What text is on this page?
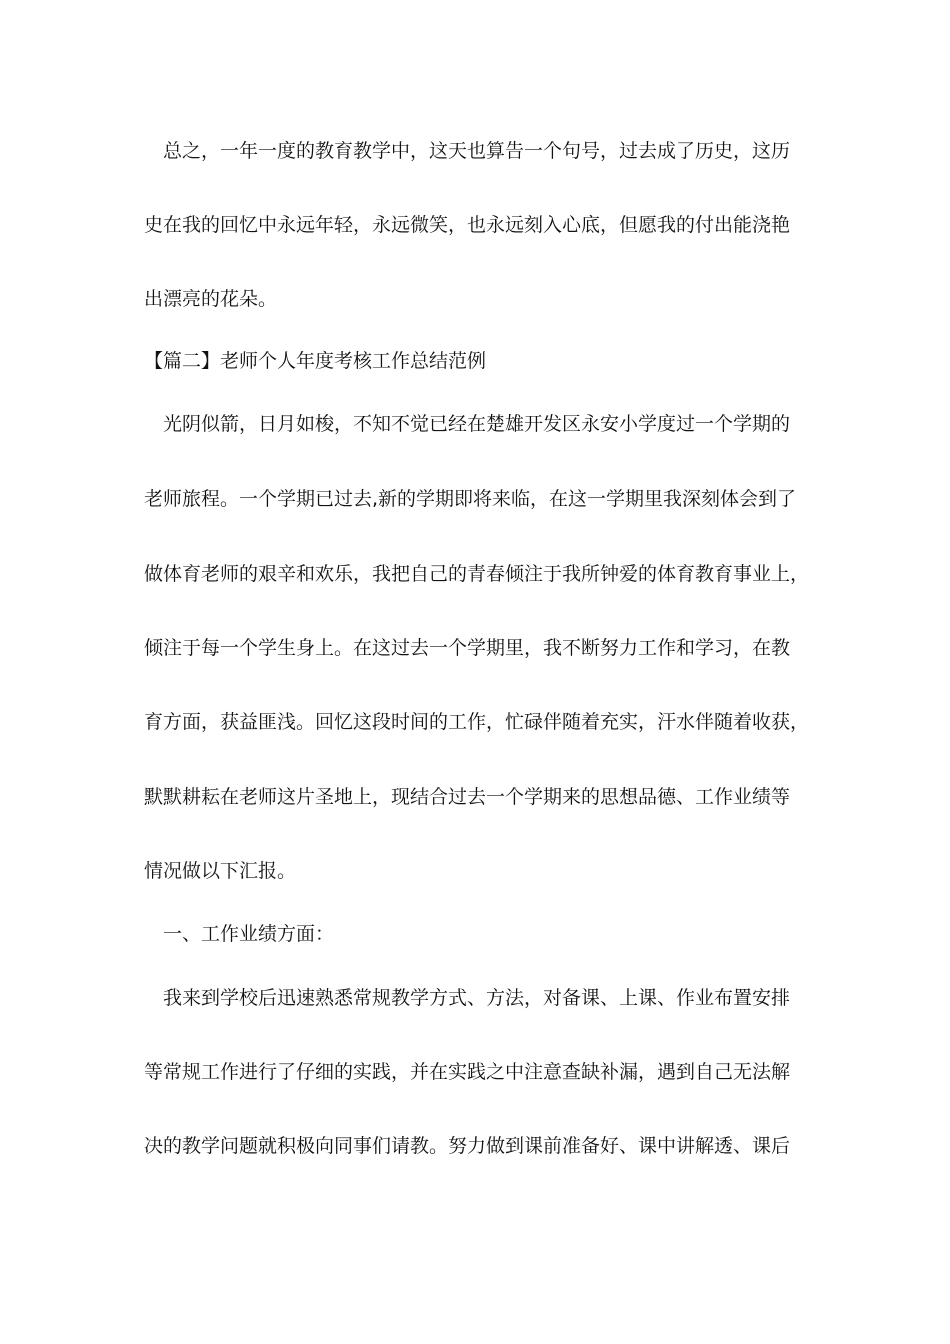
总之，一年一度的教育教学中，这天也算告一个句号，过去成了历史，这历
史在我的回忆中永远年轻，永远微笑，也永远刻入心底，但愿我的付出能浇艳
出漂亮的花朵。
【篇二】老师个人年度考核工作总结范例
光阴似箭，日月如梭，不知不觉已经在楚雄开发区永安小学度过一个学期的
老师旅程。一个学期已过去,新的学期即将来临，在这一学期里我深刻体会到了
做体育老师的艰辛和欢乐，我把自己的青春倾注于我所钟爱的体育教育事业上，
倾注于每一个学生身上。在这过去一个学期里，我不断努力工作和学习，在教
育方面，获益匪浅。回忆这段时间的工作，忙碌伴随着充实，汗水伴随着收获，
默默耕耘在老师这片圣地上，现结合过去一个学期来的思想品德、工作业绩等
情况做以下汇报。
一、工作业绩方面：
我来到学校后迅速熟悉常规教学方式、方法，对备课、上课、作业布置安排
等常规工作进行了仔细的实践，并在实践之中注意查缺补漏，遇到自己无法解
决的教学问题就积极向同事们请教。努力做到课前准备好、课中讲解透、课后
